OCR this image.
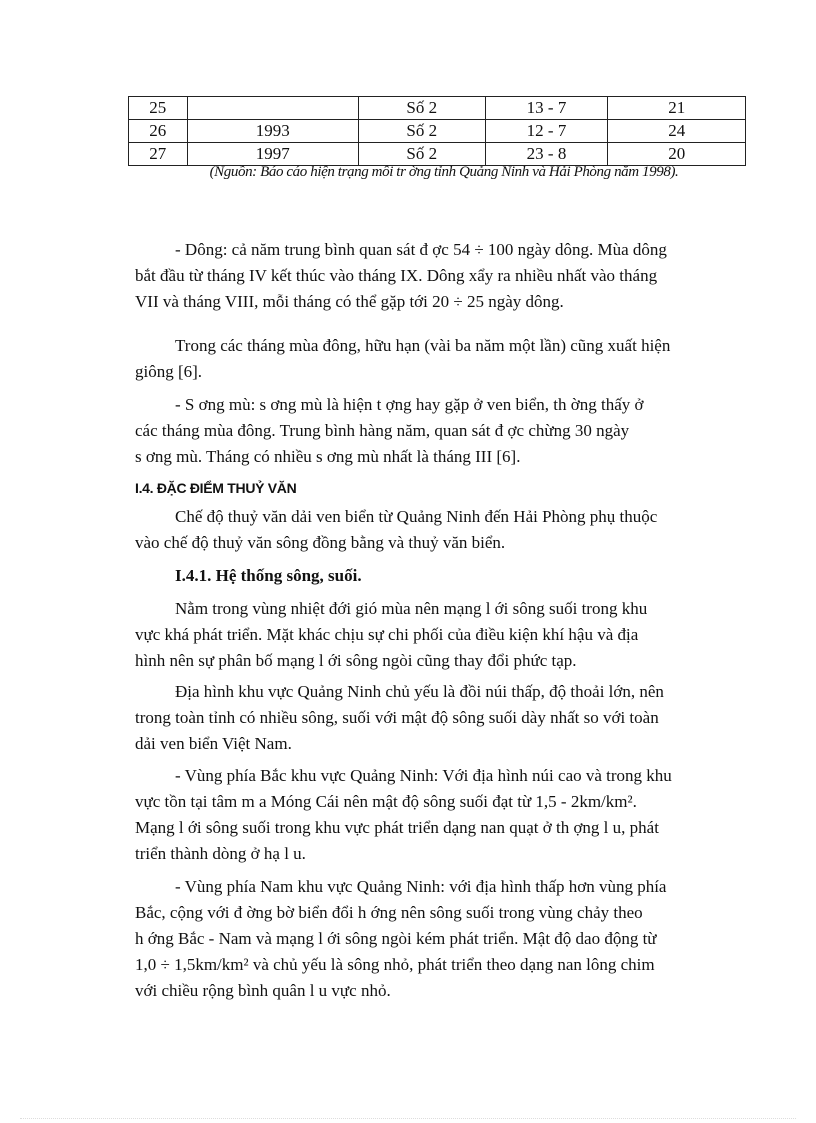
25		Số 2	13 - 7	21
26	1993	Số 2	12 - 7	24
27	1997	Số 2	23 - 8	20
(Nguồn: Báo cáo hiện trạng môi tr ờng tỉnh Quảng Ninh và Hải Phòng năm 1998).

- Dông: cả năm trung bình quan sát đ ợc 54 ÷ 100 ngày dông. Mùa dông
bắt đầu từ tháng IV kết thúc vào tháng IX. Dông xẩy ra nhiều nhất vào tháng
VII và tháng VIII, mỗi tháng có thể gặp tới 20 ÷ 25 ngày dông.

Trong các tháng mùa đông, hữu hạn (vài ba năm một lần) cũng xuất hiện
giông [6].

- S ơng mù: s ơng mù là hiện t ợng hay gặp ở ven biển, th ờng thấy ở
các tháng mùa đông. Trung bình hàng năm, quan sát đ ợc chừng 30 ngày
s ơng mù. Tháng có nhiều s ơng mù nhất là tháng III [6].

I.4. ĐẶC ĐIỂM THUỶ VĂN

Chế độ thuỷ văn dải ven biển từ Quảng Ninh đến Hải Phòng phụ thuộc
vào chế độ thuỷ văn sông đồng bằng và thuỷ văn biển.

I.4.1. Hệ thống sông, suối.

Nằm trong vùng nhiệt đới gió mùa nên mạng l ới sông suối trong khu
vực khá phát triển. Mặt khác chịu sự chi phối của điều kiện khí hậu và địa
hình nên sự phân bố mạng l ới sông ngòi cũng thay đổi phức tạp.

Địa hình khu vực Quảng Ninh chủ yếu là đồi núi thấp, độ thoải lớn, nên
trong toàn tỉnh có nhiều sông, suối với mật độ sông suối dày nhất so với toàn
dải ven biển Việt Nam.

- Vùng phía Bắc khu vực Quảng Ninh: Với địa hình núi cao và trong khu
vực tồn tại tâm m a Móng Cái nên mật độ sông suối đạt từ 1,5 - 2km/km².
Mạng l ới sông suối trong khu vực phát triển dạng nan quạt ở th ợng l u, phát
triển thành dòng ở hạ l u.

- Vùng phía Nam khu vực Quảng Ninh: với địa hình thấp hơn vùng phía
Bắc, cộng với đ ờng bờ biển đổi h ớng nên sông suối trong vùng chảy theo
h ớng Bắc - Nam và mạng l ới sông ngòi kém phát triển. Mật độ dao động từ
1,0 ÷ 1,5km/km² và chủ yếu là sông nhỏ, phát triển theo dạng nan lông chim
với chiều rộng bình quân l u vực nhỏ.
